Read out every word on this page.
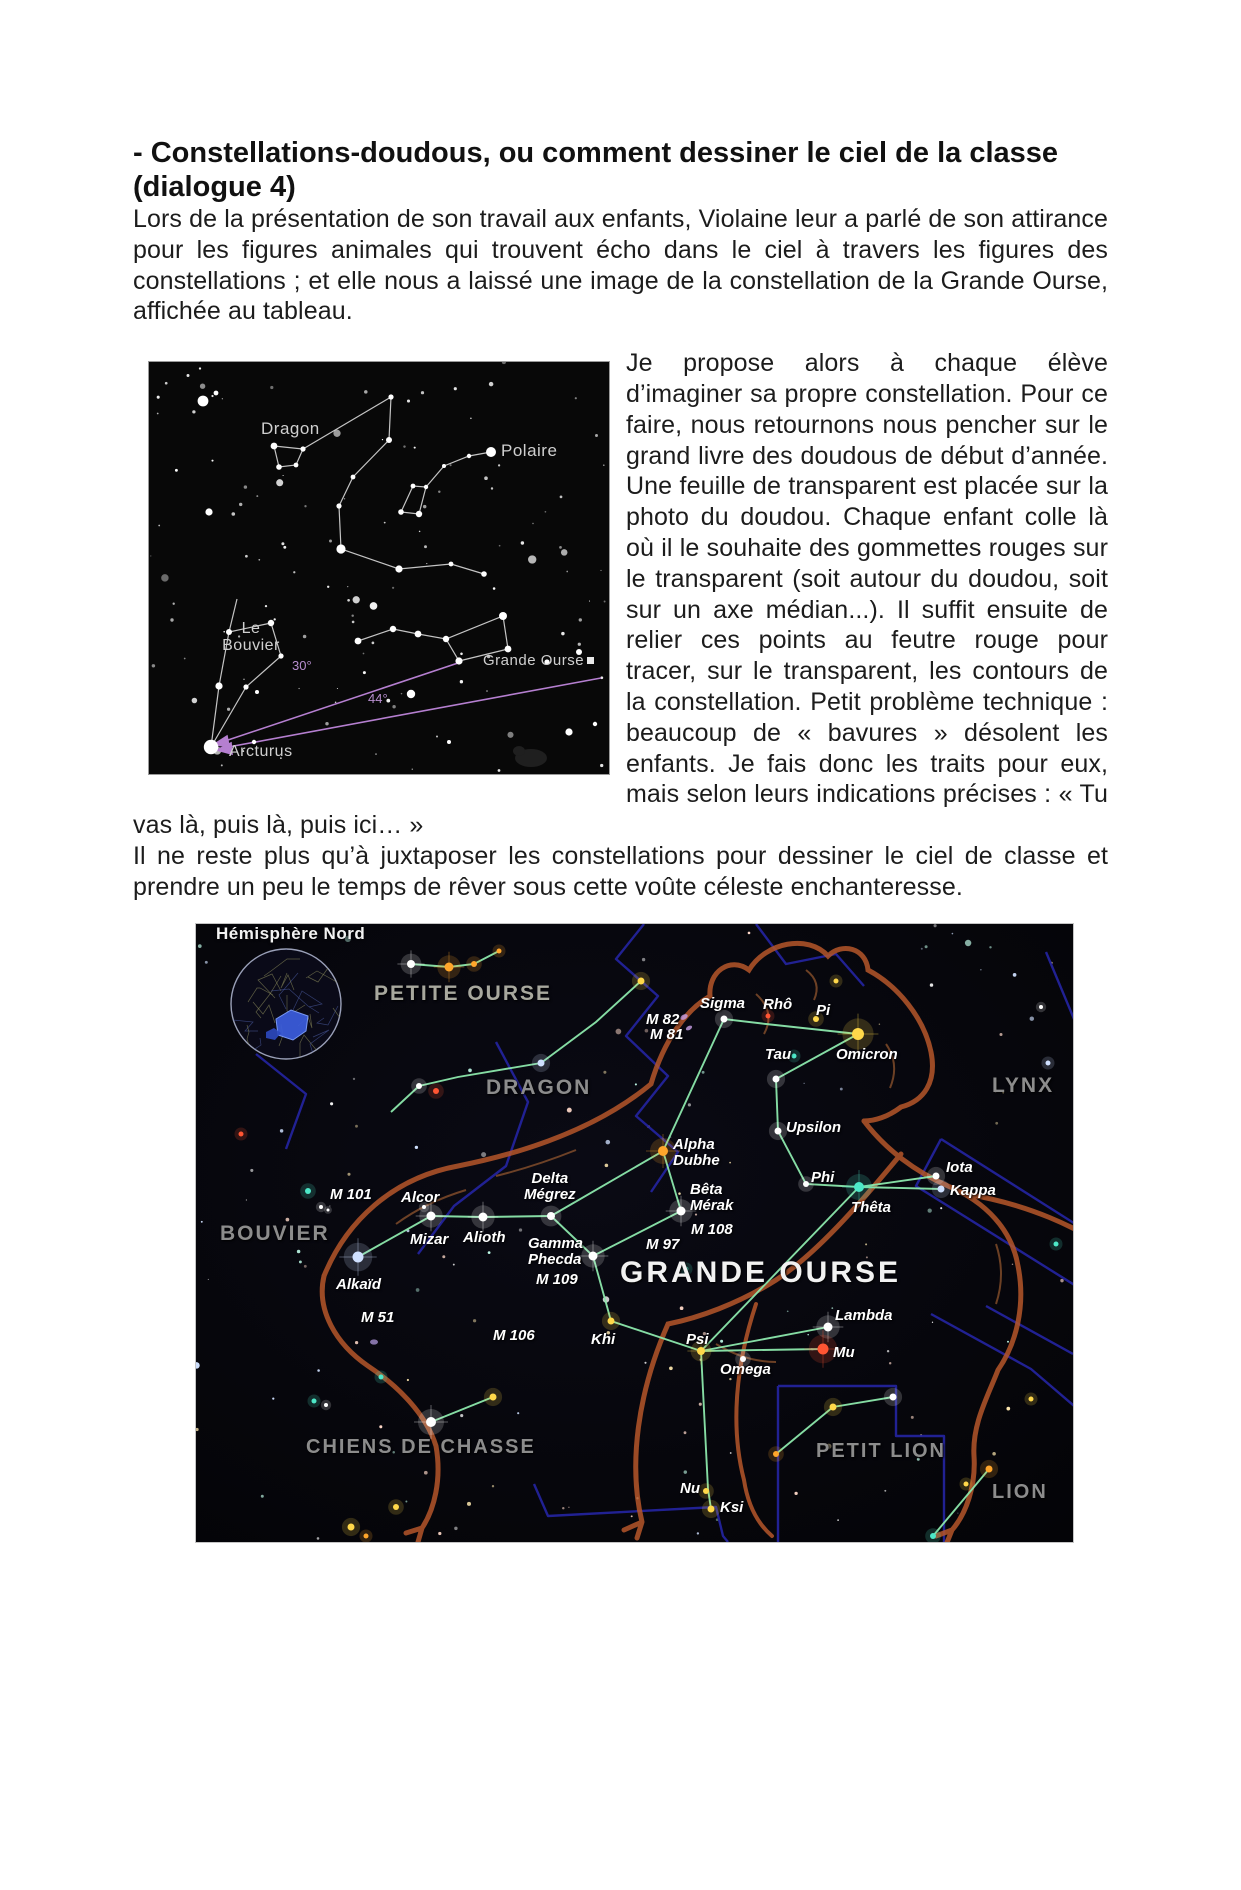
- Constellations-doudous, ou comment dessiner le ciel de la classe (dialogue 4)

Lors de la présentation de son travail aux enfants, Violaine leur a parlé de son attirance pour les figures animales qui trouvent écho dans le ciel à travers les figures des constellations ; et elle nous a laissé une image de la constellation de la Grande Ourse, affichée au tableau.

Dragon
Polaire
Le
Bouvier
Grande Ourse
30°
44°
Arcturus

Je propose alors à chaque élève d’imaginer sa propre constellation. Pour ce faire, nous retournons nous pencher sur le grand livre des doudous de début d’année. Une feuille de transparent est placée sur la photo du doudou. Chaque enfant colle là où il le souhaite des gommettes rouges sur le transparent (soit autour du doudou, soit sur un axe médian...). Il suffit ensuite de relier ces points au feutre rouge pour tracer, sur le transparent, les contours de la constellation. Petit problème technique : beaucoup de « bavures » désolent les enfants. Je fais donc les traits pour eux, mais selon leurs indications précises : « Tu vas là, puis là, puis ici… »

Il ne reste plus qu’à juxtaposer les constellations pour dessiner le ciel de classe et prendre un peu le temps de rêver sous cette voûte céleste enchanteresse.

Hémisphère Nord
PETITE OURSE
DRAGON	LYNX
BOUVIER
GRANDE OURSE
CHIENS DE CHASSE	PETIT LION
LION
Sigma Rhô Pi
M 82
M 81
Tau	Omicron
Upsilon
Alpha
Dubhe
Phi
Iota
Kappa
Thêta
Bêta
Mérak
M 108
M 97
Delta
Mégrez
Alcor
Mizar Alioth Gamma
Phecda
M 109
M 101
Alkaïd
M 51
M 106	Khi	Psi
Omega
Lambda
Mu
Nu
Ksi
